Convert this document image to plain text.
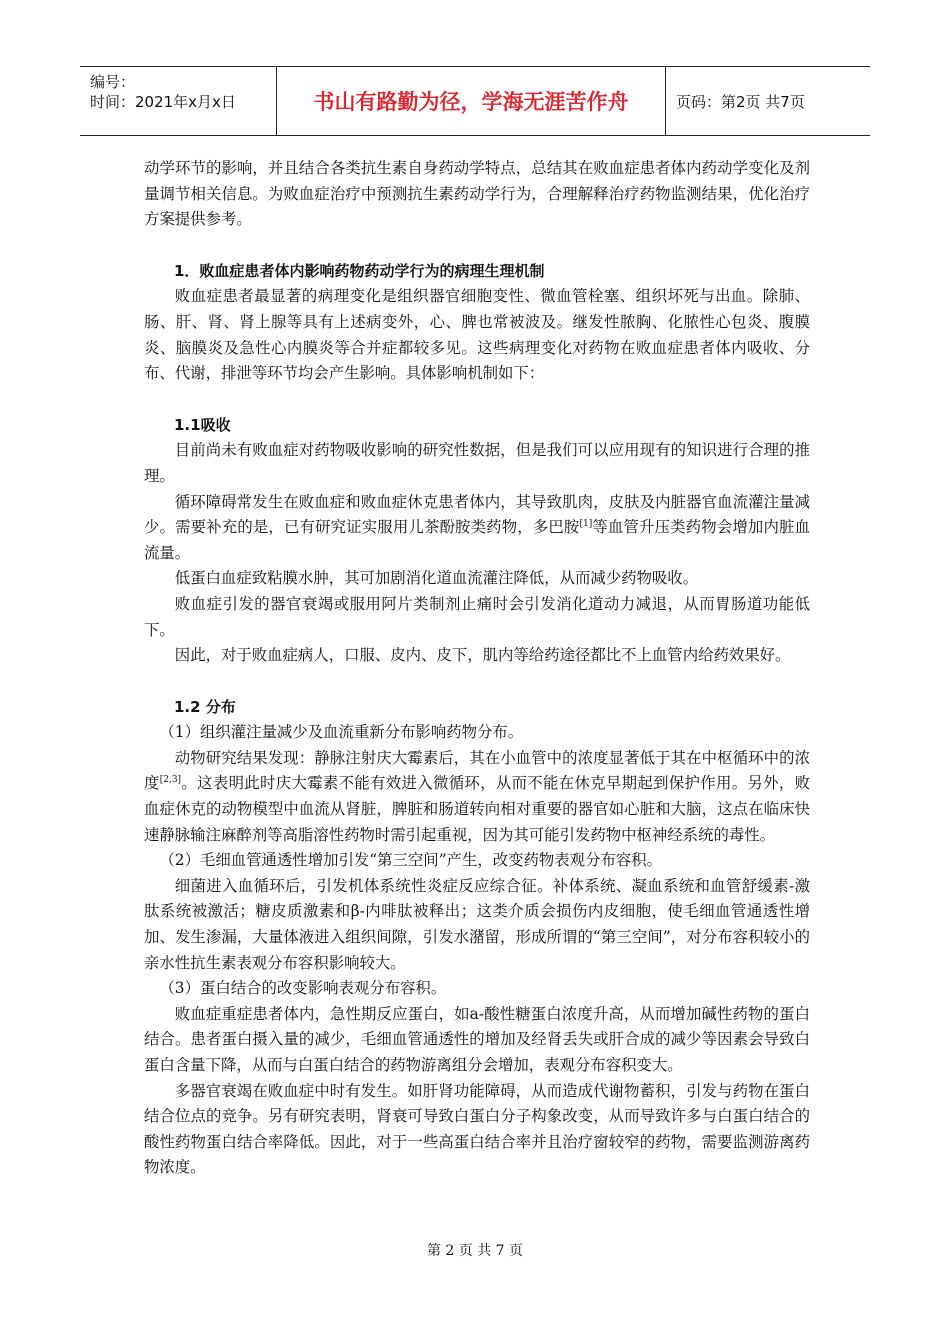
编号：
时间：2021年x月x日	书山有路勤为径，学海无涯苦作舟	页码：第2页 共7页

动学环节的影响，并且结合各类抗生素自身药动学特点，总结其在败血症患者体内药动学变化及剂量调节相关信息。为败血症治疗中预测抗生素药动学行为，合理解释治疗药物监测结果，优化治疗方案提供参考。

1．败血症患者体内影响药物药动学行为的病理生理机制

败血症患者最显著的病理变化是组织器官细胞变性、微血管栓塞、组织坏死与出血。除肺、肠、肝、肾、肾上腺等具有上述病变外，心、脾也常被波及。继发性脓胸、化脓性心包炎、腹膜炎、脑膜炎及急性心内膜炎等合并症都较多见。这些病理变化对药物在败血症患者体内吸收、分布、代谢，排泄等环节均会产生影响。具体影响机制如下：

1.1吸收

目前尚未有败血症对药物吸收影响的研究性数据，但是我们可以应用现有的知识进行合理的推理。

循环障碍常发生在败血症和败血症休克患者体内，其导致肌肉，皮肤及内脏器官血流灌注量减少。需要补充的是，已有研究证实服用儿茶酚胺类药物，多巴胺[1]等血管升压类药物会增加内脏血流量。

低蛋白血症致粘膜水肿，其可加剧消化道血流灌注降低，从而减少药物吸收。

败血症引发的器官衰竭或服用阿片类制剂止痛时会引发消化道动力减退，从而胃肠道功能低下。

因此，对于败血症病人，口服、皮内、皮下，肌内等给药途径都比不上血管内给药效果好。

1.2 分布

（1）组织灌注量减少及血流重新分布影响药物分布。

动物研究结果发现：静脉注射庆大霉素后，其在小血管中的浓度显著低于其在中枢循环中的浓度[2,3]。这表明此时庆大霉素不能有效进入微循环，从而不能在休克早期起到保护作用。另外，败血症休克的动物模型中血流从肾脏，脾脏和肠道转向相对重要的器官如心脏和大脑，这点在临床快速静脉输注麻醉剂等高脂溶性药物时需引起重视，因为其可能引发药物中枢神经系统的毒性。

（2）毛细血管通透性增加引发“第三空间”产生，改变药物表观分布容积。

细菌进入血循环后，引发机体系统性炎症反应综合征。补体系统、凝血系统和血管舒缓素-激肽系统被激活；糖皮质激素和β-内啡肽被释出；这类介质会损伤内皮细胞，使毛细血管通透性增加、发生渗漏，大量体液进入组织间隙，引发水潴留，形成所谓的“第三空间”，对分布容积较小的亲水性抗生素表观分布容积影响较大。

（3）蛋白结合的改变影响表观分布容积。

败血症重症患者体内，急性期反应蛋白，如a-酸性糖蛋白浓度升高，从而增加碱性药物的蛋白结合。患者蛋白摄入量的减少，毛细血管通透性的增加及经肾丢失或肝合成的减少等因素会导致白蛋白含量下降，从而与白蛋白结合的药物游离组分会增加，表观分布容积变大。

多器官衰竭在败血症中时有发生。如肝肾功能障碍，从而造成代谢物蓄积，引发与药物在蛋白结合位点的竞争。另有研究表明，肾衰可导致白蛋白分子构象改变，从而导致许多与白蛋白结合的酸性药物蛋白结合率降低。因此，对于一些高蛋白结合率并且治疗窗较窄的药物，需要监测游离药物浓度。

第 2 页 共 7 页
